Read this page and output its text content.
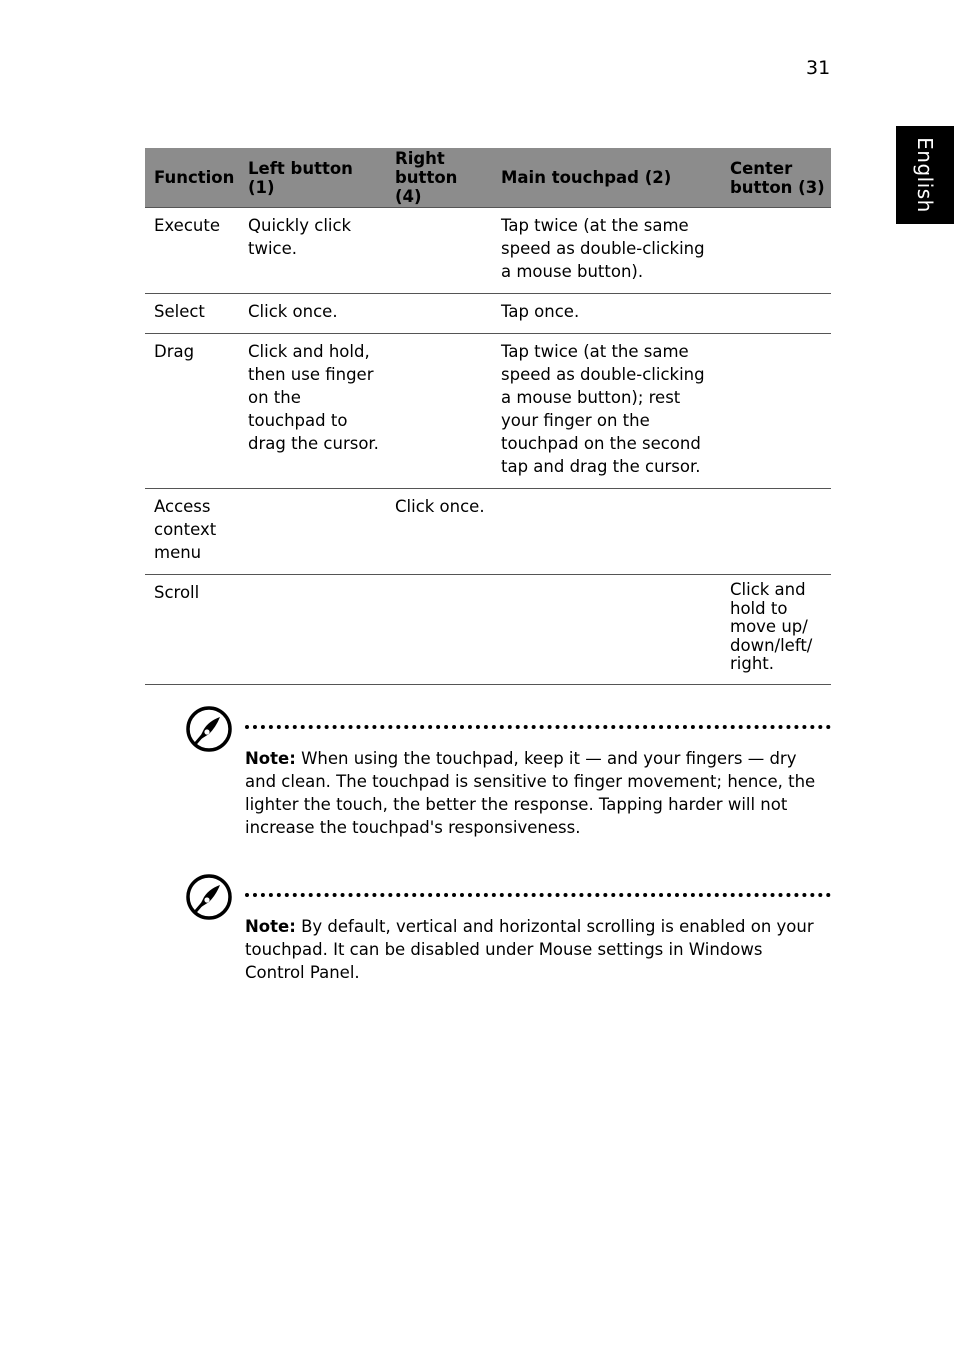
31
English
Function	Left button (1)	Right button (4)	Main touchpad (2)	Center button (3)
Execute	Quickly click twice.		Tap twice (at the same speed as double-clicking a mouse button).	
Select	Click once.		Tap once.	
Drag	Click and hold, then use finger on the touchpad to drag the cursor.		Tap twice (at the same speed as double-clicking a mouse button); rest your finger on the touchpad on the second tap and drag the cursor.	
Access context menu		Click once.		
Scroll				Click and hold to move up/ down/left/ right.
Note: When using the touchpad, keep it — and your fingers — dry and clean. The touchpad is sensitive to finger movement; hence, the lighter the touch, the better the response. Tapping harder will not increase the touchpad's responsiveness.
Note: By default, vertical and horizontal scrolling is enabled on your touchpad. It can be disabled under Mouse settings in Windows Control Panel.
